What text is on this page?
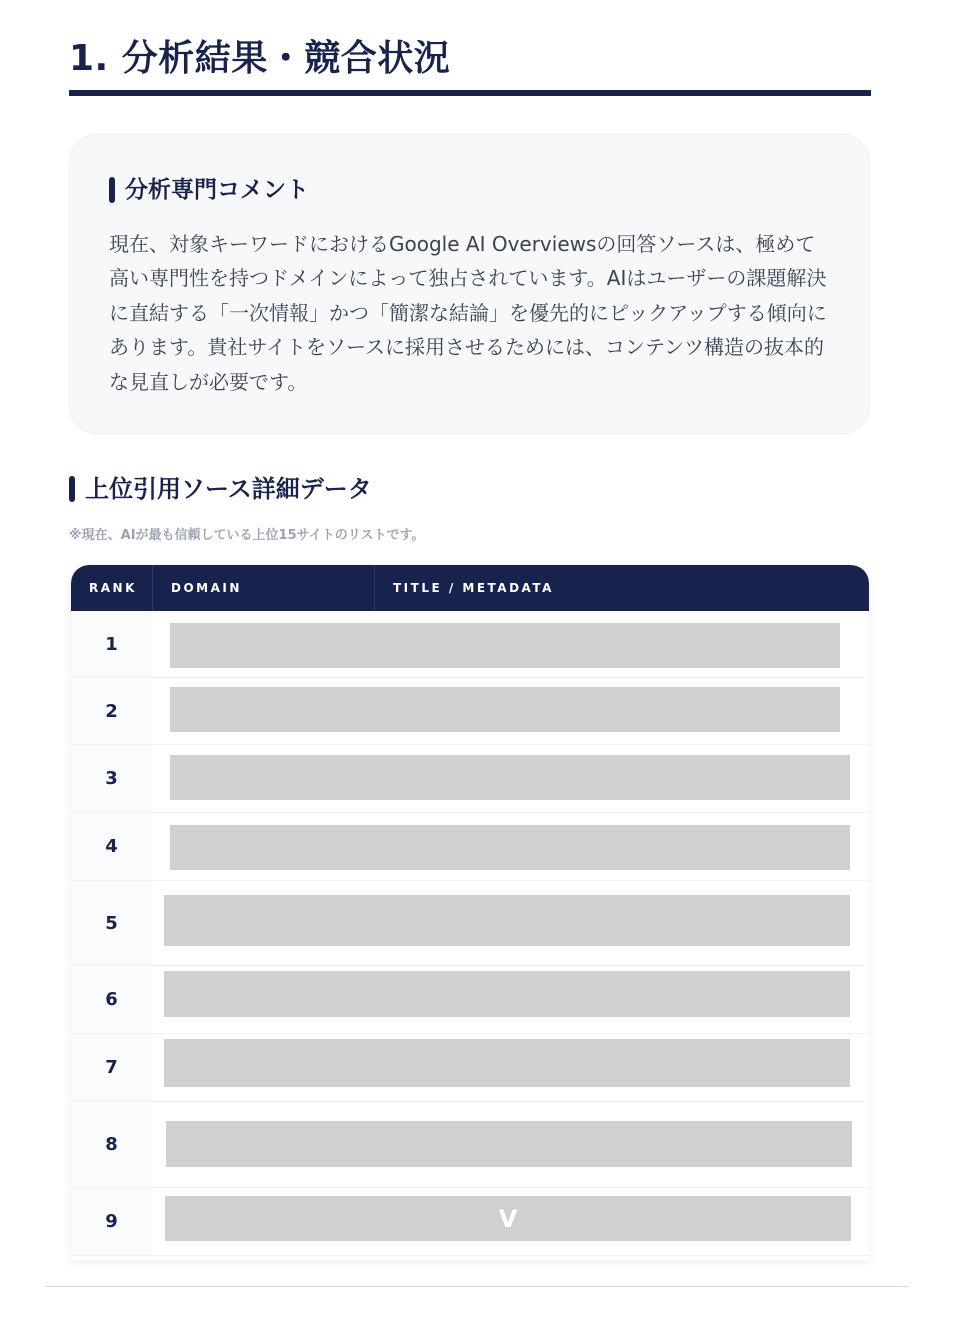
1. 分析結果・競合状況
分析専門コメント
現在、対象キーワードにおけるGoogle AI Overviewsの回答ソースは、極めて高い専門性を持つドメインによって独占されています。AIはユーザーの課題解決に直結する「一次情報」かつ「簡潔な結論」を優先的にピックアップする傾向にあります。貴社サイトをソースに採用させるためには、コンテンツ構造の抜本的な見直しが必要です。
上位引用ソース詳細データ
※現在、AIが最も信頼している上位15サイトのリストです。
RANK	DOMAIN	TITLE / METADATA
1
2
3
4
5
6
7
8
9	V
